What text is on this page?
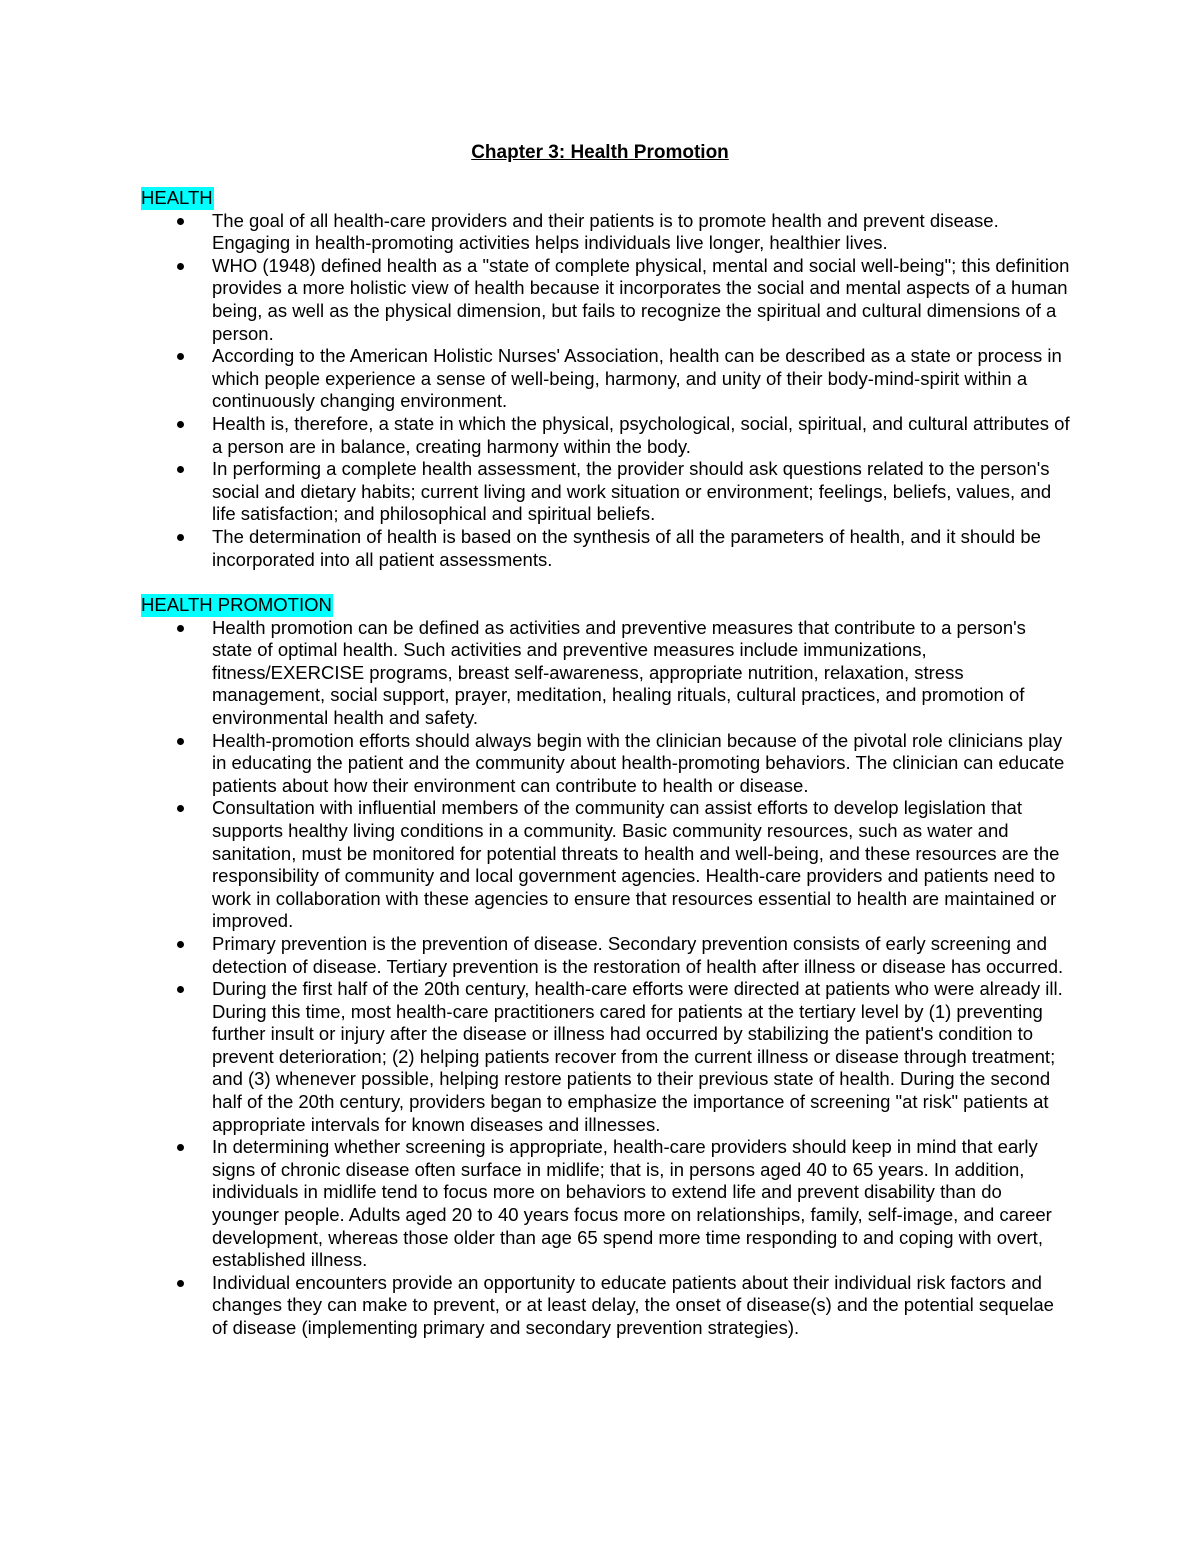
Chapter 3: Health Promotion
HEALTH
The goal of all health-care providers and their patients is to promote health and prevent disease. Engaging in health-promoting activities helps individuals live longer, healthier lives.
WHO (1948) defined health as a "state of complete physical, mental and social well-being"; this definition provides a more holistic view of health because it incorporates the social and mental aspects of a human being, as well as the physical dimension, but fails to recognize the spiritual and cultural dimensions of a person.
According to the American Holistic Nurses' Association, health can be described as a state or process in which people experience a sense of well-being, harmony, and unity of their body-mind-spirit within a continuously changing environment.
Health is, therefore, a state in which the physical, psychological, social, spiritual, and cultural attributes of a person are in balance, creating harmony within the body.
In performing a complete health assessment, the provider should ask questions related to the person's social and dietary habits; current living and work situation or environment; feelings, beliefs, values, and life satisfaction; and philosophical and spiritual beliefs.
The determination of health is based on the synthesis of all the parameters of health, and it should be incorporated into all patient assessments.
HEALTH PROMOTION
Health promotion can be defined as activities and preventive measures that contribute to a person's state of optimal health. Such activities and preventive measures include immunizations, fitness/EXERCISE programs, breast self-awareness, appropriate nutrition, relaxation, stress management, social support, prayer, meditation, healing rituals, cultural practices, and promotion of environmental health and safety.
Health-promotion efforts should always begin with the clinician because of the pivotal role clinicians play in educating the patient and the community about health-promoting behaviors. The clinician can educate patients about how their environment can contribute to health or disease.
Consultation with influential members of the community can assist efforts to develop legislation that supports healthy living conditions in a community. Basic community resources, such as water and sanitation, must be monitored for potential threats to health and well-being, and these resources are the responsibility of community and local government agencies. Health-care providers and patients need to work in collaboration with these agencies to ensure that resources essential to health are maintained or improved.
Primary prevention is the prevention of disease. Secondary prevention consists of early screening and detection of disease. Tertiary prevention is the restoration of health after illness or disease has occurred.
During the first half of the 20th century, health-care efforts were directed at patients who were already ill. During this time, most health-care practitioners cared for patients at the tertiary level by (1) preventing further insult or injury after the disease or illness had occurred by stabilizing the patient's condition to prevent deterioration; (2) helping patients recover from the current illness or disease through treatment; and (3) whenever possible, helping restore patients to their previous state of health. During the second half of the 20th century, providers began to emphasize the importance of screening "at risk" patients at appropriate intervals for known diseases and illnesses.
In determining whether screening is appropriate, health-care providers should keep in mind that early signs of chronic disease often surface in midlife; that is, in persons aged 40 to 65 years. In addition, individuals in midlife tend to focus more on behaviors to extend life and prevent disability than do younger people. Adults aged 20 to 40 years focus more on relationships, family, self-image, and career development, whereas those older than age 65 spend more time responding to and coping with overt, established illness.
Individual encounters provide an opportunity to educate patients about their individual risk factors and changes they can make to prevent, or at least delay, the onset of disease(s) and the potential sequelae of disease (implementing primary and secondary prevention strategies).
